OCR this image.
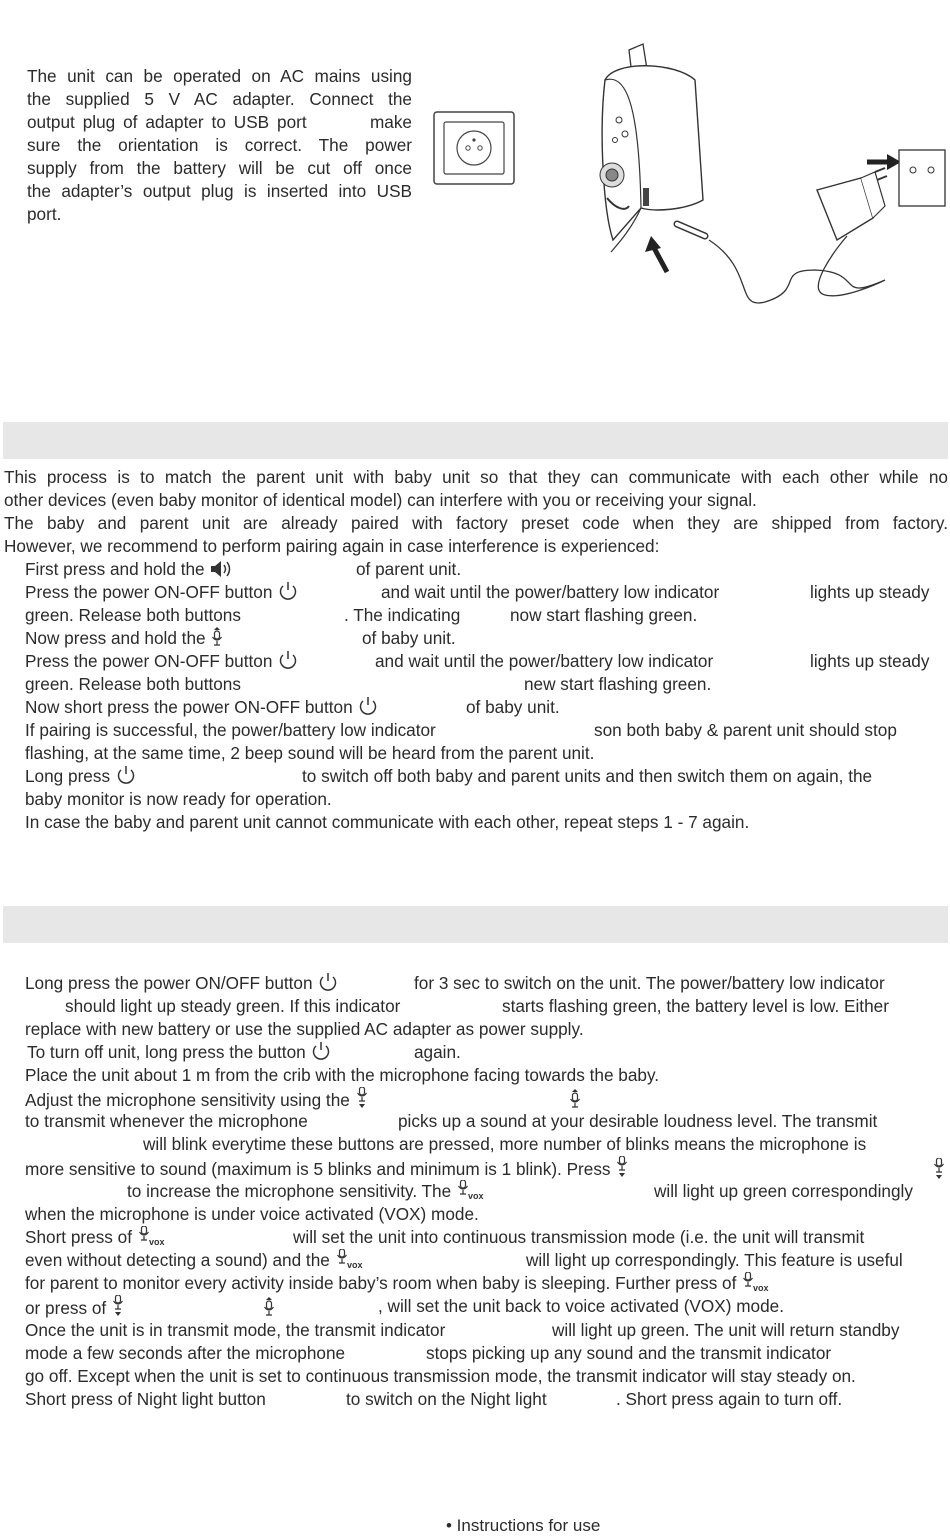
The unit can be operated on AC mains using
the supplied 5 V AC adapter. Connect the
output plug of adapter to USB port        make
sure the orientation is correct. The power
supply from the battery will be cut off once
the adapter’s output plug is inserted into USB
port.
This process is to match the parent unit with baby unit so that they can communicate with each other while no
other devices (even baby monitor of identical model) can interfere with you or receiving your signal.
The baby and parent unit are already paired with factory preset code when they are shipped from factory.
However, we recommend to perform pairing again in case interference is experienced:
First press and hold the	of parent unit.
Press the power ON-OFF button	and wait until the power/battery low indicator	lights up steady
green. Release both buttons	. The indicating	now start flashing green.
Now press and hold the	of baby unit.
Press the power ON-OFF button	and wait until the power/battery low indicator	lights up steady
green. Release both buttons	new start flashing green.
Now short press the power ON-OFF button	of baby unit.
If pairing is successful, the power/battery low indicator	son both baby & parent unit should stop
flashing, at the same time, 2 beep sound will be heard from the parent unit.
Long press	to switch off both baby and parent units and then switch them on again, the
baby monitor is now ready for operation.
In case the baby and parent unit cannot communicate with each other, repeat steps 1 - 7 again.
Long press the power ON/OFF button	for 3 sec to switch on the unit. The power/battery low indicator
should light up steady green. If this indicator	starts flashing green, the battery level is low. Either
replace with new battery or use the supplied AC adapter as power supply.
To turn off unit, long press the button	again.
Place the unit about 1 m from the crib with the microphone facing towards the baby.
Adjust the microphone sensitivity using the
to transmit whenever the microphone	picks up a sound at your desirable loudness level. The transmit
will blink everytime these buttons are pressed, more number of blinks means the microphone is
more sensitive to sound (maximum is 5 blinks and minimum is 1 blink). Press
to increase the microphone sensitivity. The vox	will light up green correspondingly
when the microphone is under voice activated (VOX) mode.
Short press of vox	will set the unit into continuous transmission mode (i.e. the unit will transmit
even without detecting a sound) and the vox	will light up correspondingly. This feature is useful
for parent to monitor every activity inside baby’s room when baby is sleeping. Further press of vox
or press of	, will set the unit back to voice activated (VOX) mode.
Once the unit is in transmit mode, the transmit indicator	will light up green. The unit will return standby
mode a few seconds after the microphone	stops picking up any sound and the transmit indicator
go off. Except when the unit is set to continuous transmission mode, the transmit indicator will stay steady on.
Short press of Night light button	to switch on the Night light	. Short press again to turn off.
• Instructions for use
